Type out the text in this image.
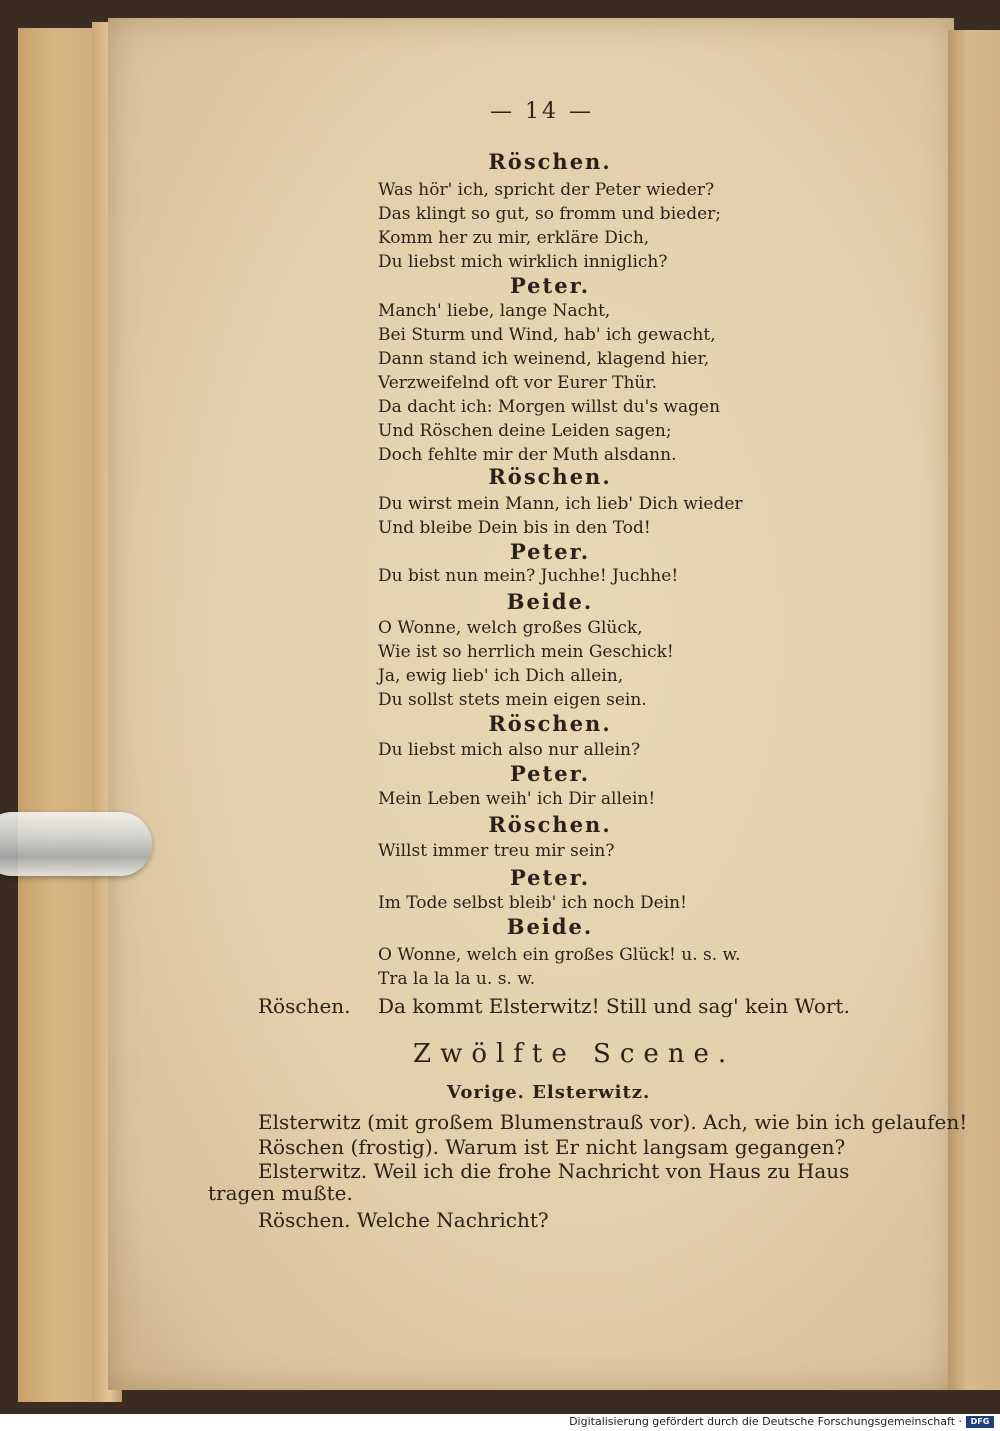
— 14 —
Röschen.
Was hör' ich, spricht der Peter wieder?
Das klingt so gut, so fromm und bieder;
Komm her zu mir, erkläre Dich,
Du liebst mich wirklich inniglich?
Peter.
Manch' liebe, lange Nacht,
Bei Sturm und Wind, hab' ich gewacht,
Dann stand ich weinend, klagend hier,
Verzweifelnd oft vor Eurer Thür.
Da dacht ich: Morgen willst du's wagen
Und Röschen deine Leiden sagen;
Doch fehlte mir der Muth alsdann.
Röschen.
Du wirst mein Mann, ich lieb' Dich wieder
Und bleibe Dein bis in den Tod!
Peter.
Du bist nun mein? Juchhe! Juchhe!
Beide.
O Wonne, welch großes Glück,
Wie ist so herrlich mein Geschick!
Ja, ewig lieb' ich Dich allein,
Du sollst stets mein eigen sein.
Röschen.
Du liebst mich also nur allein?
Peter.
Mein Leben weih' ich Dir allein!
Röschen.
Willst immer treu mir sein?
Peter.
Im Tode selbst bleib' ich noch Dein!
Beide.
O Wonne, welch ein großes Glück! u. s. w.
Tra la la la u. s. w.
Röschen. Da kommt Elsterwitz! Still und sag' kein Wort.
Zwölfte Scene.
Vorige. Elsterwitz.
Elsterwitz (mit großem Blumenstrauß vor). Ach, wie bin ich gelaufen!
Röschen (frostig). Warum ist Er nicht langsam gegangen?
Elsterwitz. Weil ich die frohe Nachricht von Haus zu Haus
tragen mußte.
Röschen. Welche Nachricht?
Digitalisierung gefördert durch die Deutsche Forschungsgemeinschaft ·	DFG
